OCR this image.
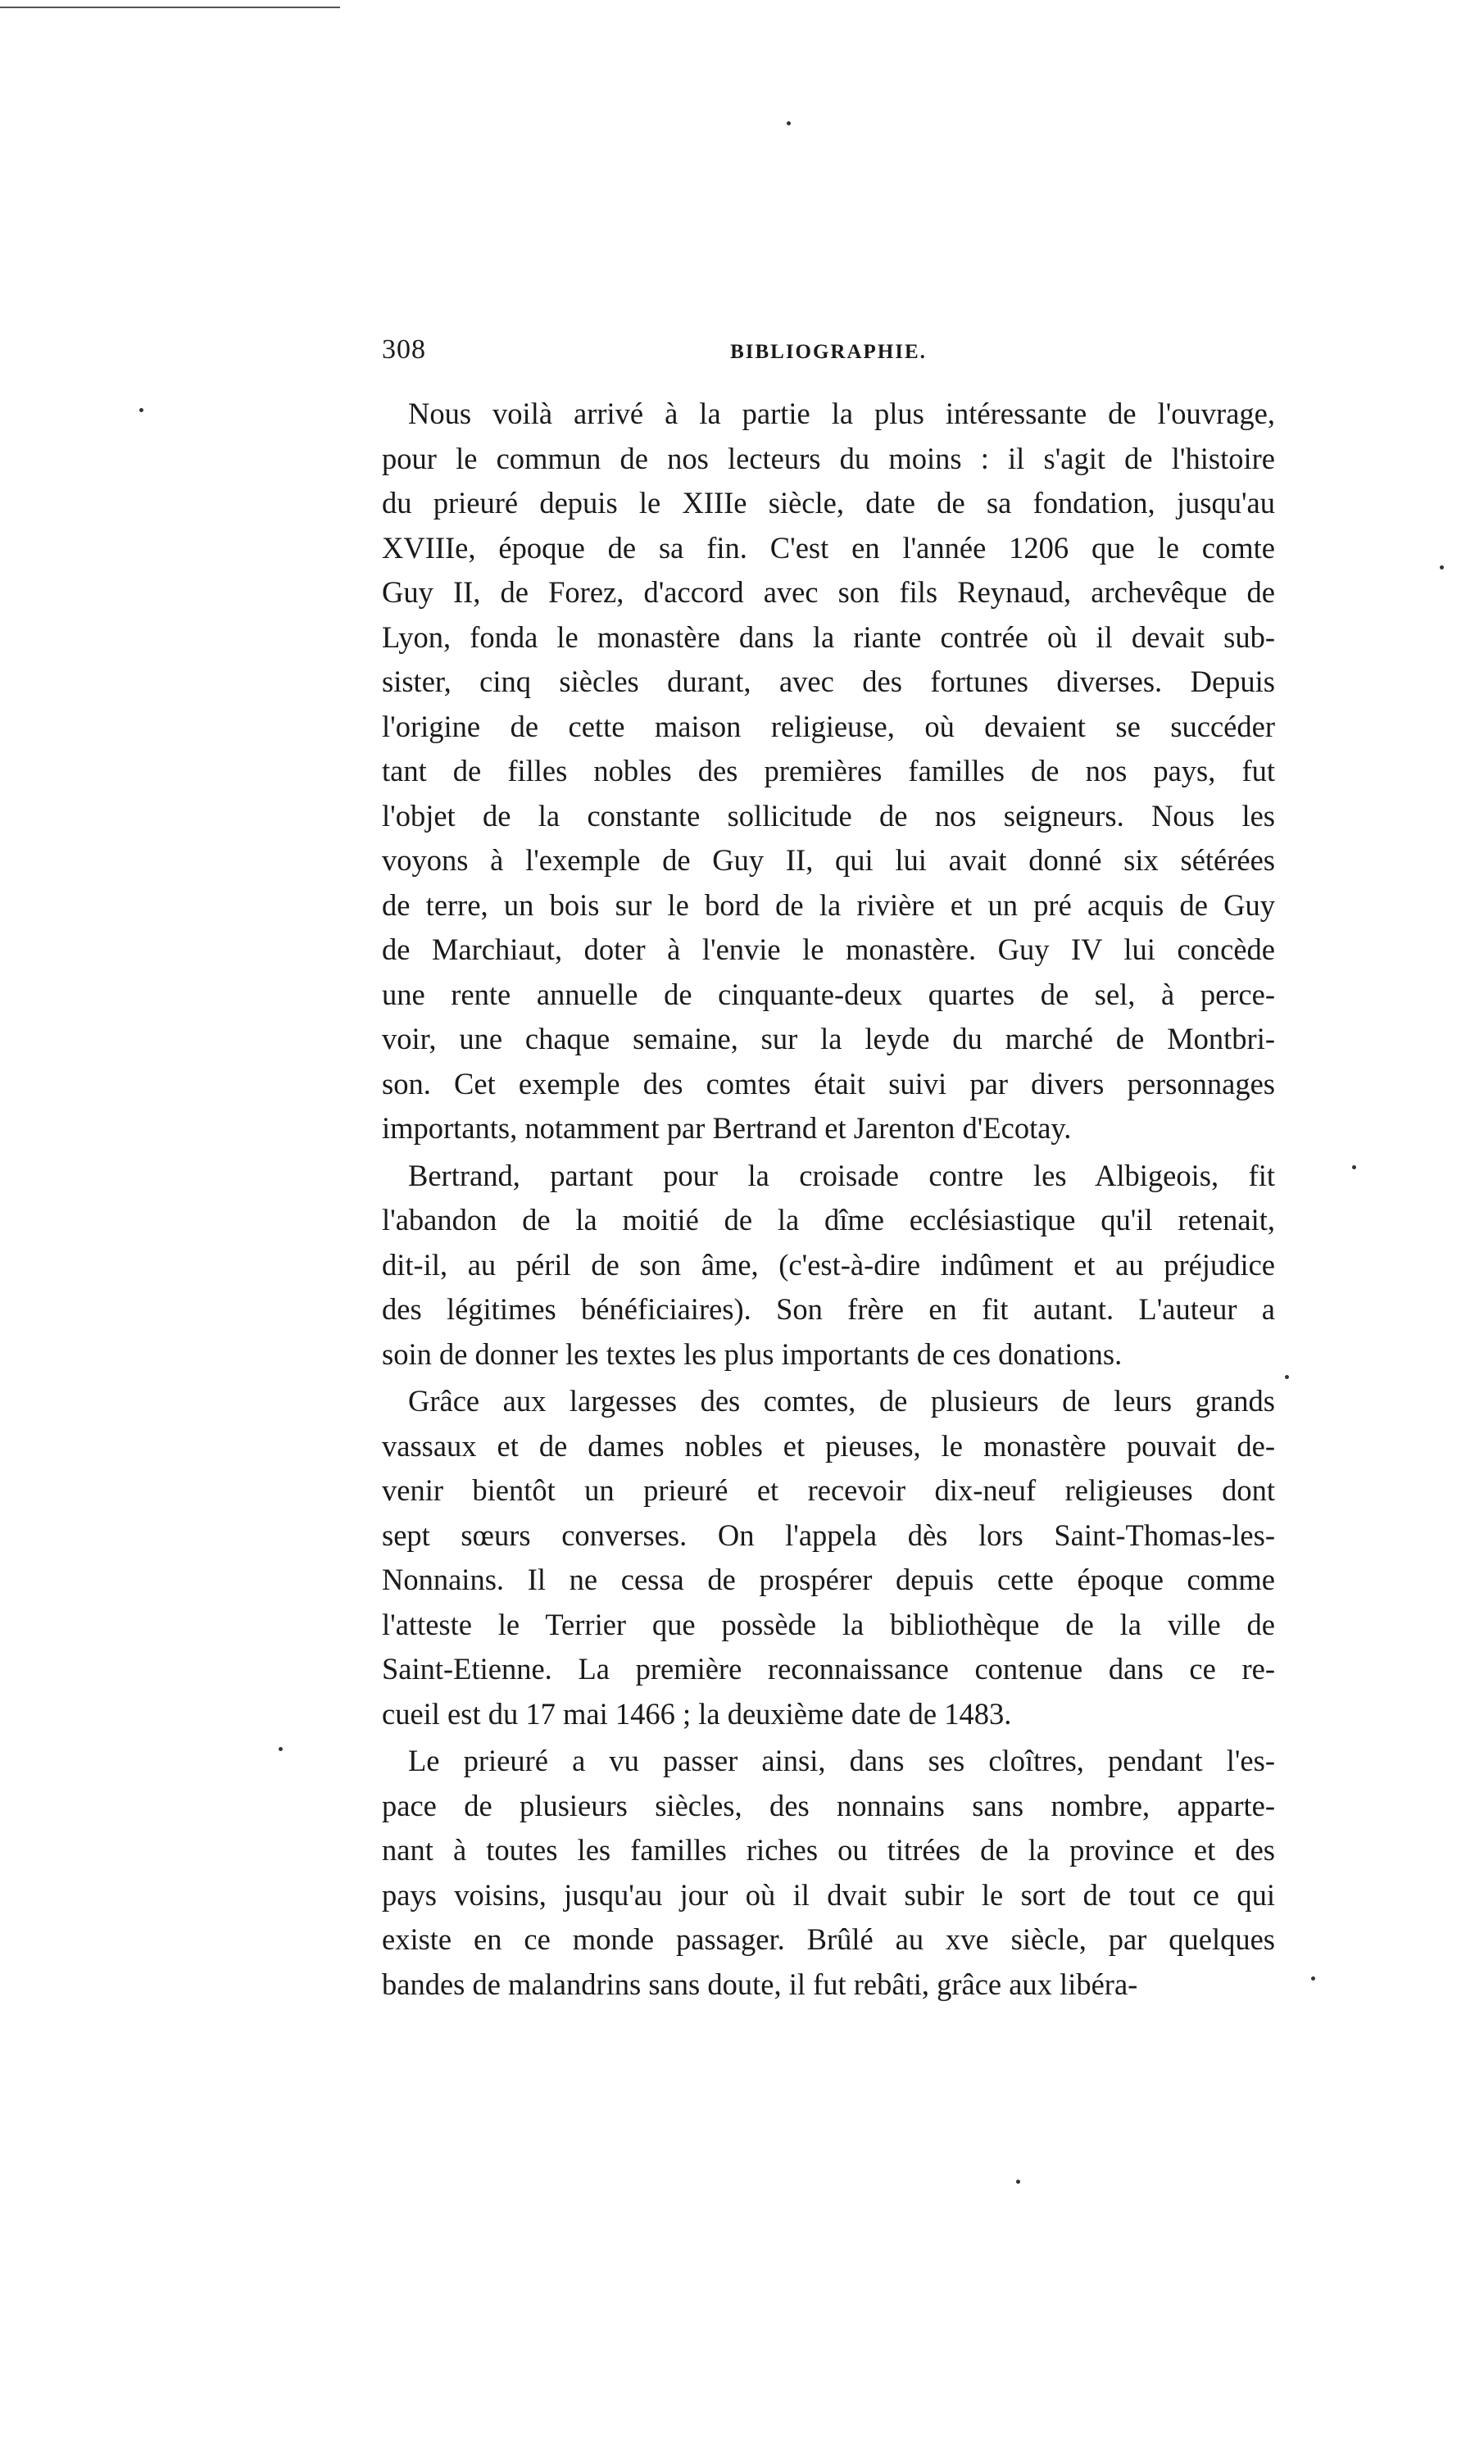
308	BIBLIOGRAPHIE.

Nous voilà arrivé à la partie la plus intéressante de l'ouvrage,
pour le commun de nos lecteurs du moins : il s'agit de l'histoire
du prieuré depuis le XIIIe siècle, date de sa fondation, jusqu'au
XVIIIe, époque de sa fin. C'est en l'année 1206 que le comte
Guy II, de Forez, d'accord avec son fils Reynaud, archevêque de
Lyon, fonda le monastère dans la riante contrée où il devait sub-
sister, cinq siècles durant, avec des fortunes diverses. Depuis
l'origine de cette maison religieuse, où devaient se succéder
tant de filles nobles des premières familles de nos pays, fut
l'objet de la constante sollicitude de nos seigneurs. Nous les
voyons à l'exemple de Guy II, qui lui avait donné six sétérées
de terre, un bois sur le bord de la rivière et un pré acquis de Guy
de Marchiaut, doter à l'envie le monastère. Guy IV lui concède
une rente annuelle de cinquante-deux quartes de sel, à perce-
voir, une chaque semaine, sur la leyde du marché de Montbri-
son. Cet exemple des comtes était suivi par divers personnages
importants, notamment par Bertrand et Jarenton d'Ecotay.

Bertrand, partant pour la croisade contre les Albigeois, fit
l'abandon de la moitié de la dîme ecclésiastique qu'il retenait,
dit-il, au péril de son âme, (c'est-à-dire indûment et au préjudice
des légitimes bénéficiaires). Son frère en fit autant. L'auteur a
soin de donner les textes les plus importants de ces donations.

Grâce aux largesses des comtes, de plusieurs de leurs grands
vassaux et de dames nobles et pieuses, le monastère pouvait de-
venir bientôt un prieuré et recevoir dix-neuf religieuses dont
sept sœurs converses. On l'appela dès lors Saint-Thomas-les-
Nonnains. Il ne cessa de prospérer depuis cette époque comme
l'atteste le Terrier que possède la bibliothèque de la ville de
Saint-Etienne. La première reconnaissance contenue dans ce re-
cueil est du 17 mai 1466 ; la deuxième date de 1483.

Le prieuré a vu passer ainsi, dans ses cloîtres, pendant l'es-
pace de plusieurs siècles, des nonnains sans nombre, apparte-
nant à toutes les familles riches ou titrées de la province et des
pays voisins, jusqu'au jour où il dvait subir le sort de tout ce qui
existe en ce monde passager. Brûlé au xve siècle, par quelques
bandes de malandrins sans doute, il fut rebâti, grâce aux libéra-
